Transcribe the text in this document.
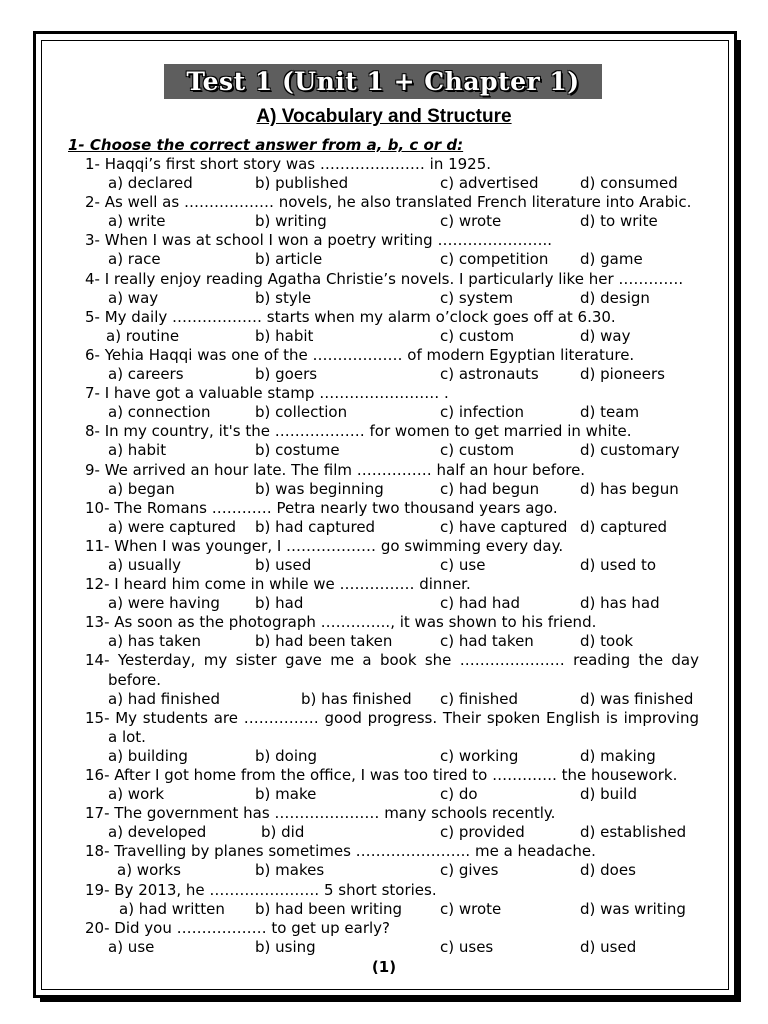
Test 1 (Unit 1 + Chapter 1)
A) Vocabulary and Structure
1- Choose the correct answer from a, b, c or d:
1- Haqqi’s first short story was ………………… in 1925.
a) declared	b) published	c) advertised	d) consumed
2- As well as ……………… novels, he also translated French literature into Arabic.
a) write	b) writing	c) wrote	d) to write
3- When I was at school I won a poetry writing …………………..
a) race	b) article	c) competition d) game
4- I really enjoy reading Agatha Christie’s novels. I particularly like her ………….
a) way	b) style	c) system	d) design
5- My daily ……………… starts when my alarm o’clock goes off at 6.30.
a) routine	b) habit	c) custom	d) way
6- Yehia Haqqi was one of the ……………… of modern Egyptian literature.
a) careers	b) goers	c) astronauts	d) pioneers
7- I have got a valuable stamp …………………… .
a) connection	b) collection	c) infection	d) team
8- In my country, it's the ……………… for women to get married in white.
a) habit	b) costume	c) custom	d) customary
9- We arrived an hour late. The film …………… half an hour before.
a) began	b) was beginning	c) had begun	d) has begun
10- The Romans ………… Petra nearly two thousand years ago.
a) were captured b) had captured	c) have captured d) captured
11- When I was younger, I ……………… go swimming every day.
a) usually	b) used	c) use	d) used to
12- I heard him come in while we …………… dinner.
a) were having b) had	c) had had	d) has had
13- As soon as the photograph ………….., it was shown to his friend.
a) has taken	b) had been taken	c) had taken	d) took
14- Yesterday, my sister gave me a book she ………………… reading the day before.
a) had finished	b) has finished c) finished	d) was finished
15- My students are …………… good progress. Their spoken English is improving a lot.
a) building	b) doing	c) working	d) making
16- After I got home from the office, I was too tired to …………. the housework.
a) work	b) make	c) do	d) build
17- The government has ………………… many schools recently.
a) developed	b) did	c) provided	d) established
18- Travelling by planes sometimes ………………….. me a headache.
a) works	b) makes	c) gives	d) does
19- By 2013, he …………………. 5 short stories.
a) had written b) had been writing	c) wrote	d) was writing
20- Did you ……………… to get up early?
a) use	b) using	c) uses	d) used
(1)
